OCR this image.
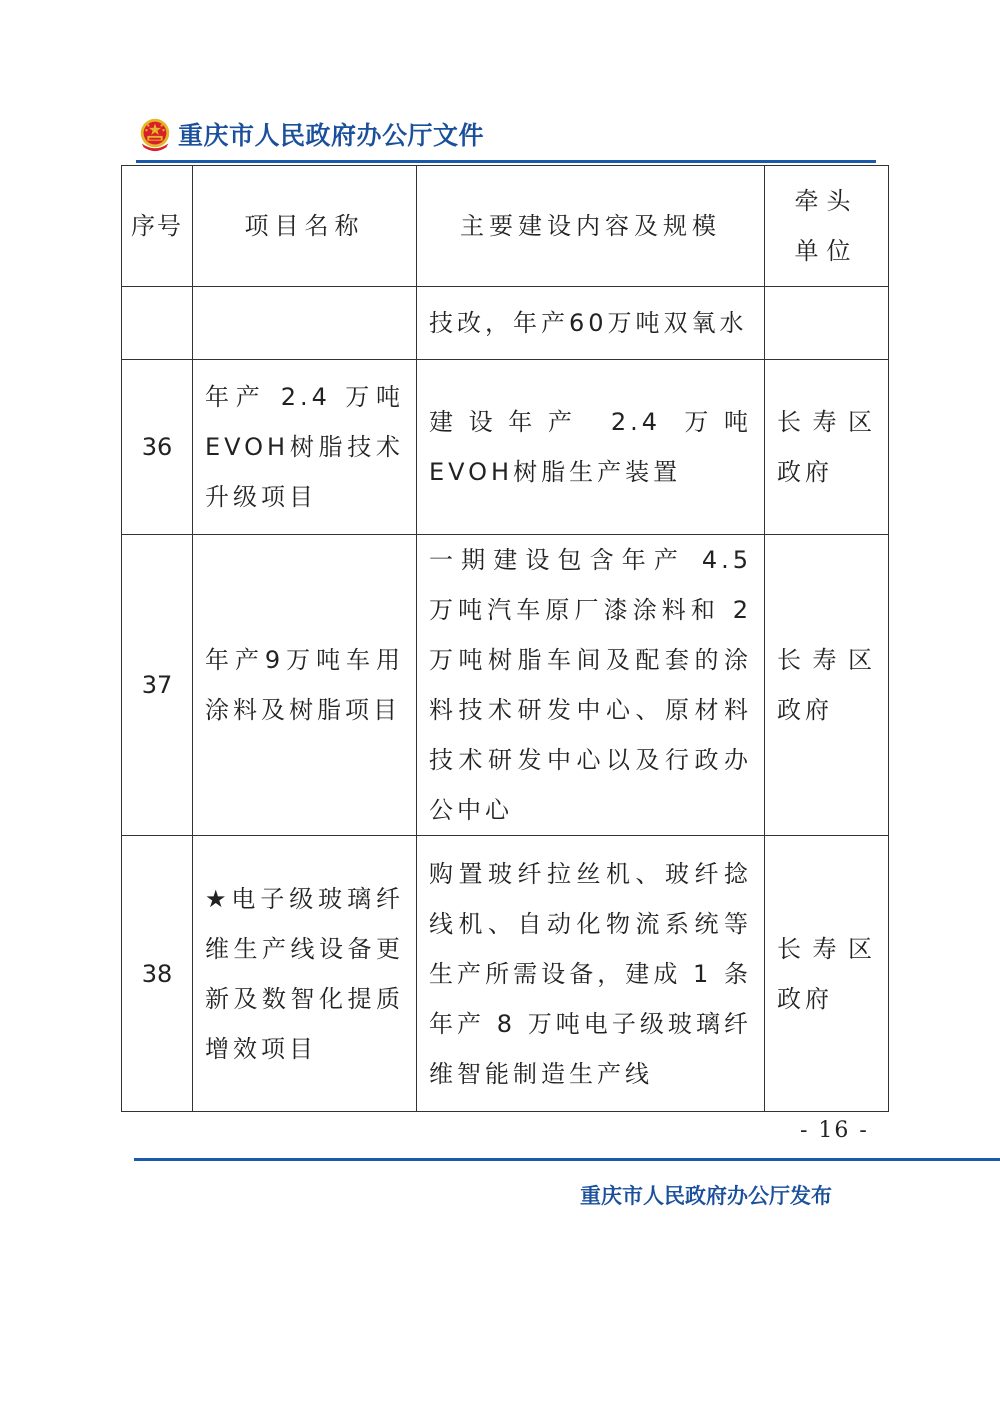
重庆市人民政府办公厅文件
序号	项目名称	主要建设内容及规模	牵头单位
		技改，年产60万吨双氧水	
36	年产 2.4 万吨 EVOH树脂技术升级项目	建设年产 2.4 万吨 EVOH树脂生产装置	长寿区政府
37	年产9万吨车用涂料及树脂项目	一期建设包含年产 4.5 万吨汽车原厂漆涂料和 2 万吨树脂车间及配套的涂料技术研发中心、原材料技术研发中心以及行政办公中心	长寿区政府
38	★电子级玻璃纤维生产线设备更新及数智化提质增效项目	购置玻纤拉丝机、玻纤捻线机、自动化物流系统等生产所需设备，建成 1 条年产 8 万吨电子级玻璃纤维智能制造生产线	长寿区政府
- 16 -
重庆市人民政府办公厅发布
